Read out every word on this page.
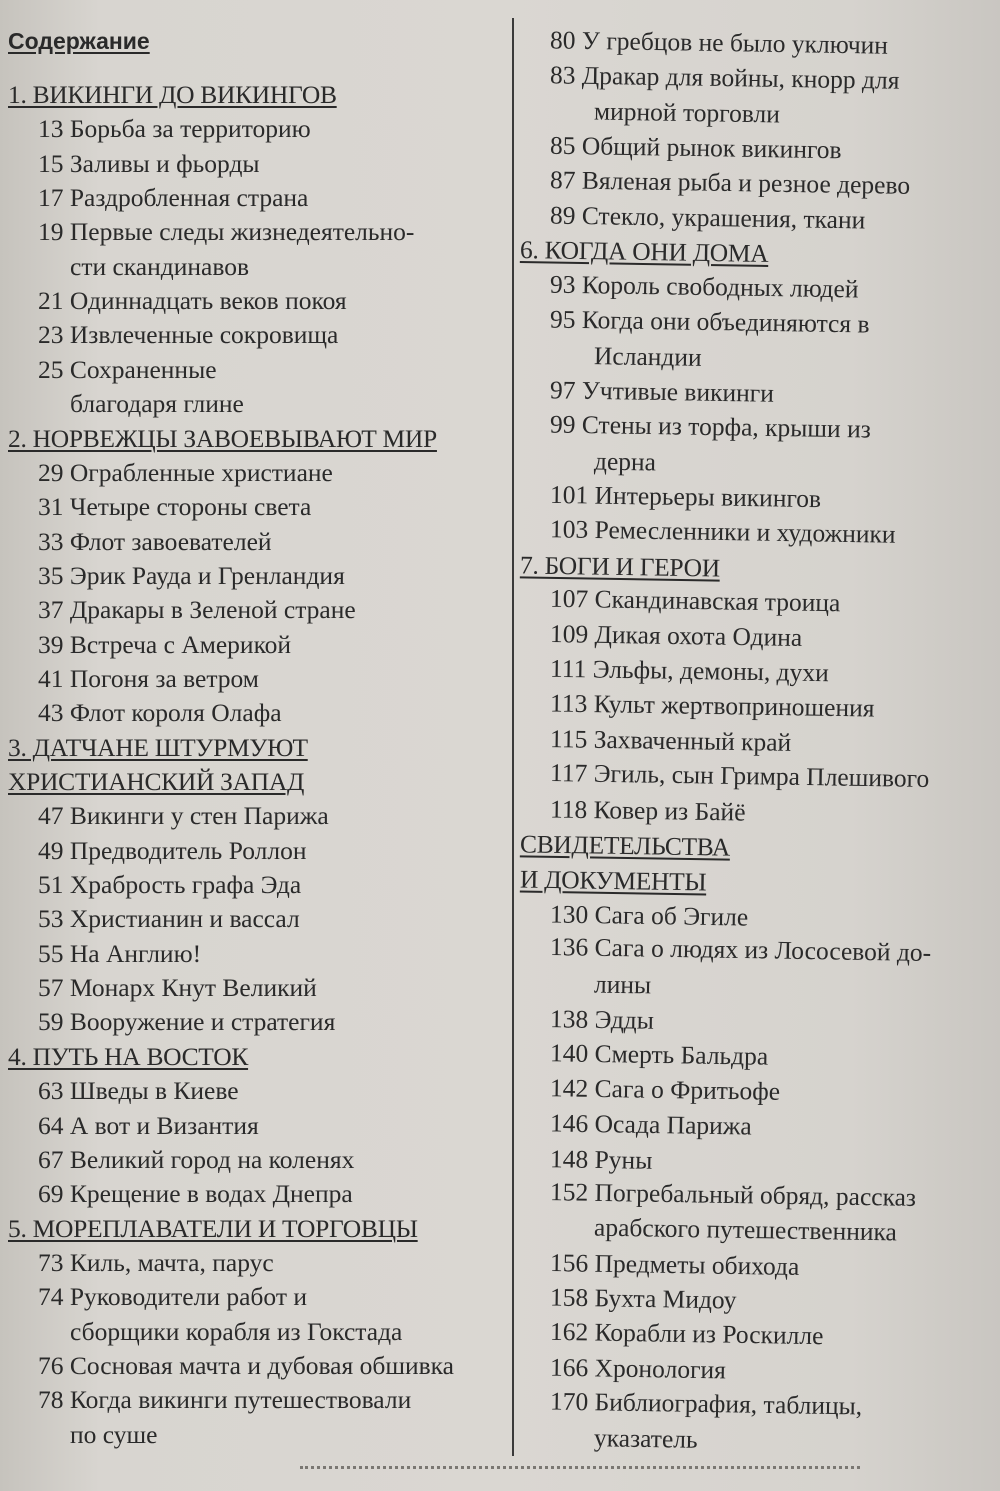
Содержание
1. ВИКИНГИ ДО ВИКИНГОВ
13 Борьба за территорию
15 Заливы и фьорды
17 Раздробленная страна
19 Первые следы жизнедеятельно-
сти скандинавов
21 Одиннадцать веков покоя
23 Извлеченные сокровища
25 Сохраненные
благодаря глине
2. НОРВЕЖЦЫ ЗАВОЕВЫВАЮТ МИР
29 Ограбленные христиане
31 Четыре стороны света
33 Флот завоевателей
35 Эрик Рауда и Гренландия
37 Дракары в Зеленой стране
39 Встреча с Америкой
41 Погоня за ветром
43 Флот короля Олафа
3. ДАТЧАНЕ ШТУРМУЮТ
ХРИСТИАНСКИЙ ЗАПАД
47 Викинги у стен Парижа
49 Предводитель Роллон
51 Храбрость графа Эда
53 Христианин и вассал
55 На Англию!
57 Монарх Кнут Великий
59 Вооружение и стратегия
4. ПУТЬ НА ВОСТОК
63 Шведы в Киеве
64 А вот и Византия
67 Великий город на коленях
69 Крещение в водах Днепра
5. МОРЕПЛАВАТЕЛИ И ТОРГОВЦЫ
73 Киль, мачта, парус
74 Руководители работ и
сборщики корабля из Гокстада
76 Сосновая мачта и дубовая обшивка
78 Когда викинги путешествовали
по суше
80 У гребцов не было уключин
83 Дракар для войны, кнорр для
мирной торговли
85 Общий рынок викингов
87 Вяленая рыба и резное дерево
89 Стекло, украшения, ткани
6. КОГДА ОНИ ДОМА
93 Король свободных людей
95 Когда они объединяются в
Исландии
97 Учтивые викинги
99 Стены из торфа, крыши из
дерна
101 Интерьеры викингов
103 Ремесленники и художники
7. БОГИ И ГЕРОИ
107 Скандинавская троица
109 Дикая охота Одина
111 Эльфы, демоны, духи
113 Культ жертвоприношения
115 Захваченный край
117 Эгиль, сын Гримра Плешивого
118 Ковер из Байё
СВИДЕТЕЛЬСТВА
И ДОКУМЕНТЫ
130 Сага об Эгиле
136 Сага о людях из Лососевой до-
лины
138 Эдды
140 Смерть Бальдра
142 Сага о Фритьофе
146 Осада Парижа
148 Руны
152 Погребальный обряд, рассказ
арабского путешественника
156 Предметы обихода
158 Бухта Мидоу
162 Корабли из Роскилле
166 Хронология
170 Библиография, таблицы,
указатель
